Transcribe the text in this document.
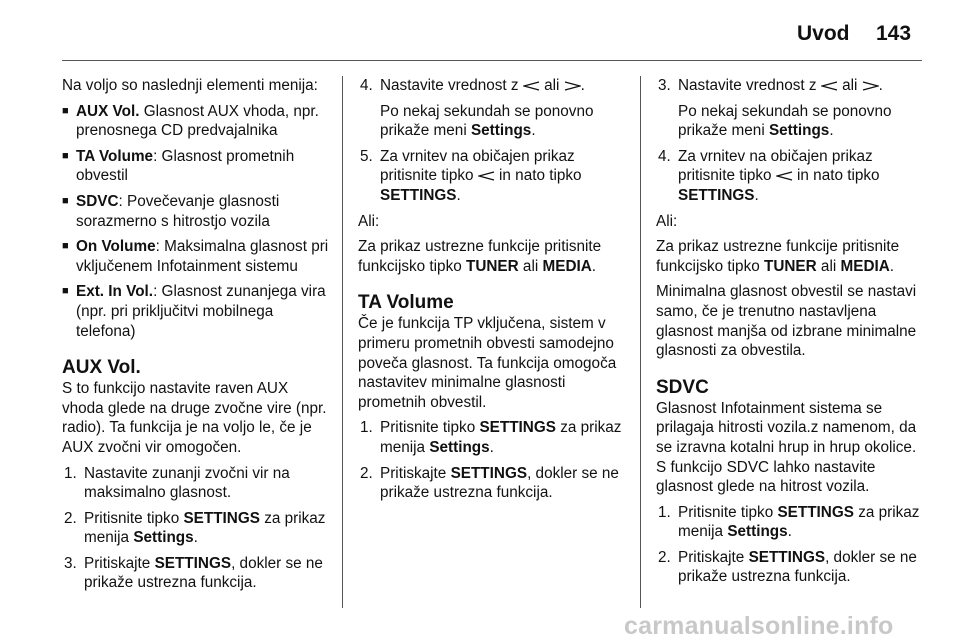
Uvod 143

Na voljo so naslednji elementi menija:

■ AUX Vol. Glasnost AUX vhoda, npr. prenosnega CD predvajalnika
■ TA Volume: Glasnost prometnih obvestil
■ SDVC: Povečevanje glasnosti sorazmerno s hitrostjo vozila
■ On Volume: Maksimalna glasnost pri vključenem Infotainment sistemu
■ Ext. In Vol.: Glasnost zunanjega vira (npr. pri priključitvi mobilnega telefona)
AUX Vol.

S to funkcijo nastavite raven AUX vhoda glede na druge zvočne vire (npr. radio). Ta funkcija je na voljo le, če je AUX zvočni vir omogočen.

1. Nastavite zunanji zvočni vir na maksimalno glasnost.
2. Pritisnite tipko SETTINGS za prikaz menija Settings.
3. Pritiskajte SETTINGS, dokler se ne prikaže ustrezna funkcija.
4. Nastavite vrednost z  ali .

Po nekaj sekundah se ponovno prikaže meni Settings.

5. Za vrnitev na običajen prikaz pritisnite tipko  in nato tipko SETTINGS.

Ali:

Za prikaz ustrezne funkcije pritisnite funkcijsko tipko TUNER ali MEDIA.

TA Volume

Če je funkcija TP vključena, sistem v primeru prometnih obvesti samodejno poveča glasnost. Ta funkcija omogoča nastavitev minimalne glasnosti prometnih obvestil.

1. Pritisnite tipko SETTINGS za prikaz menija Settings.
2. Pritiskajte SETTINGS, dokler se ne prikaže ustrezna funkcija.
3. Nastavite vrednost z  ali .

Po nekaj sekundah se ponovno prikaže meni Settings.

4. Za vrnitev na običajen prikaz pritisnite tipko  in nato tipko SETTINGS.

Ali:

Za prikaz ustrezne funkcije pritisnite funkcijsko tipko TUNER ali MEDIA.

Minimalna glasnost obvestil se nastavi samo, če je trenutno nastavljena glasnost manjša od izbrane minimalne glasnosti za obvestila.

SDVC

Glasnost Infotainment sistema se prilagaja hitrosti vozila.z namenom, da se izravna kotalni hrup in hrup okolice. S funkcijo SDVC lahko nastavite glasnost glede na hitrost vozila.

1. Pritisnite tipko SETTINGS za prikaz menija Settings.
2. Pritiskajte SETTINGS, dokler se ne prikaže ustrezna funkcija.
carmanualsonline.info
